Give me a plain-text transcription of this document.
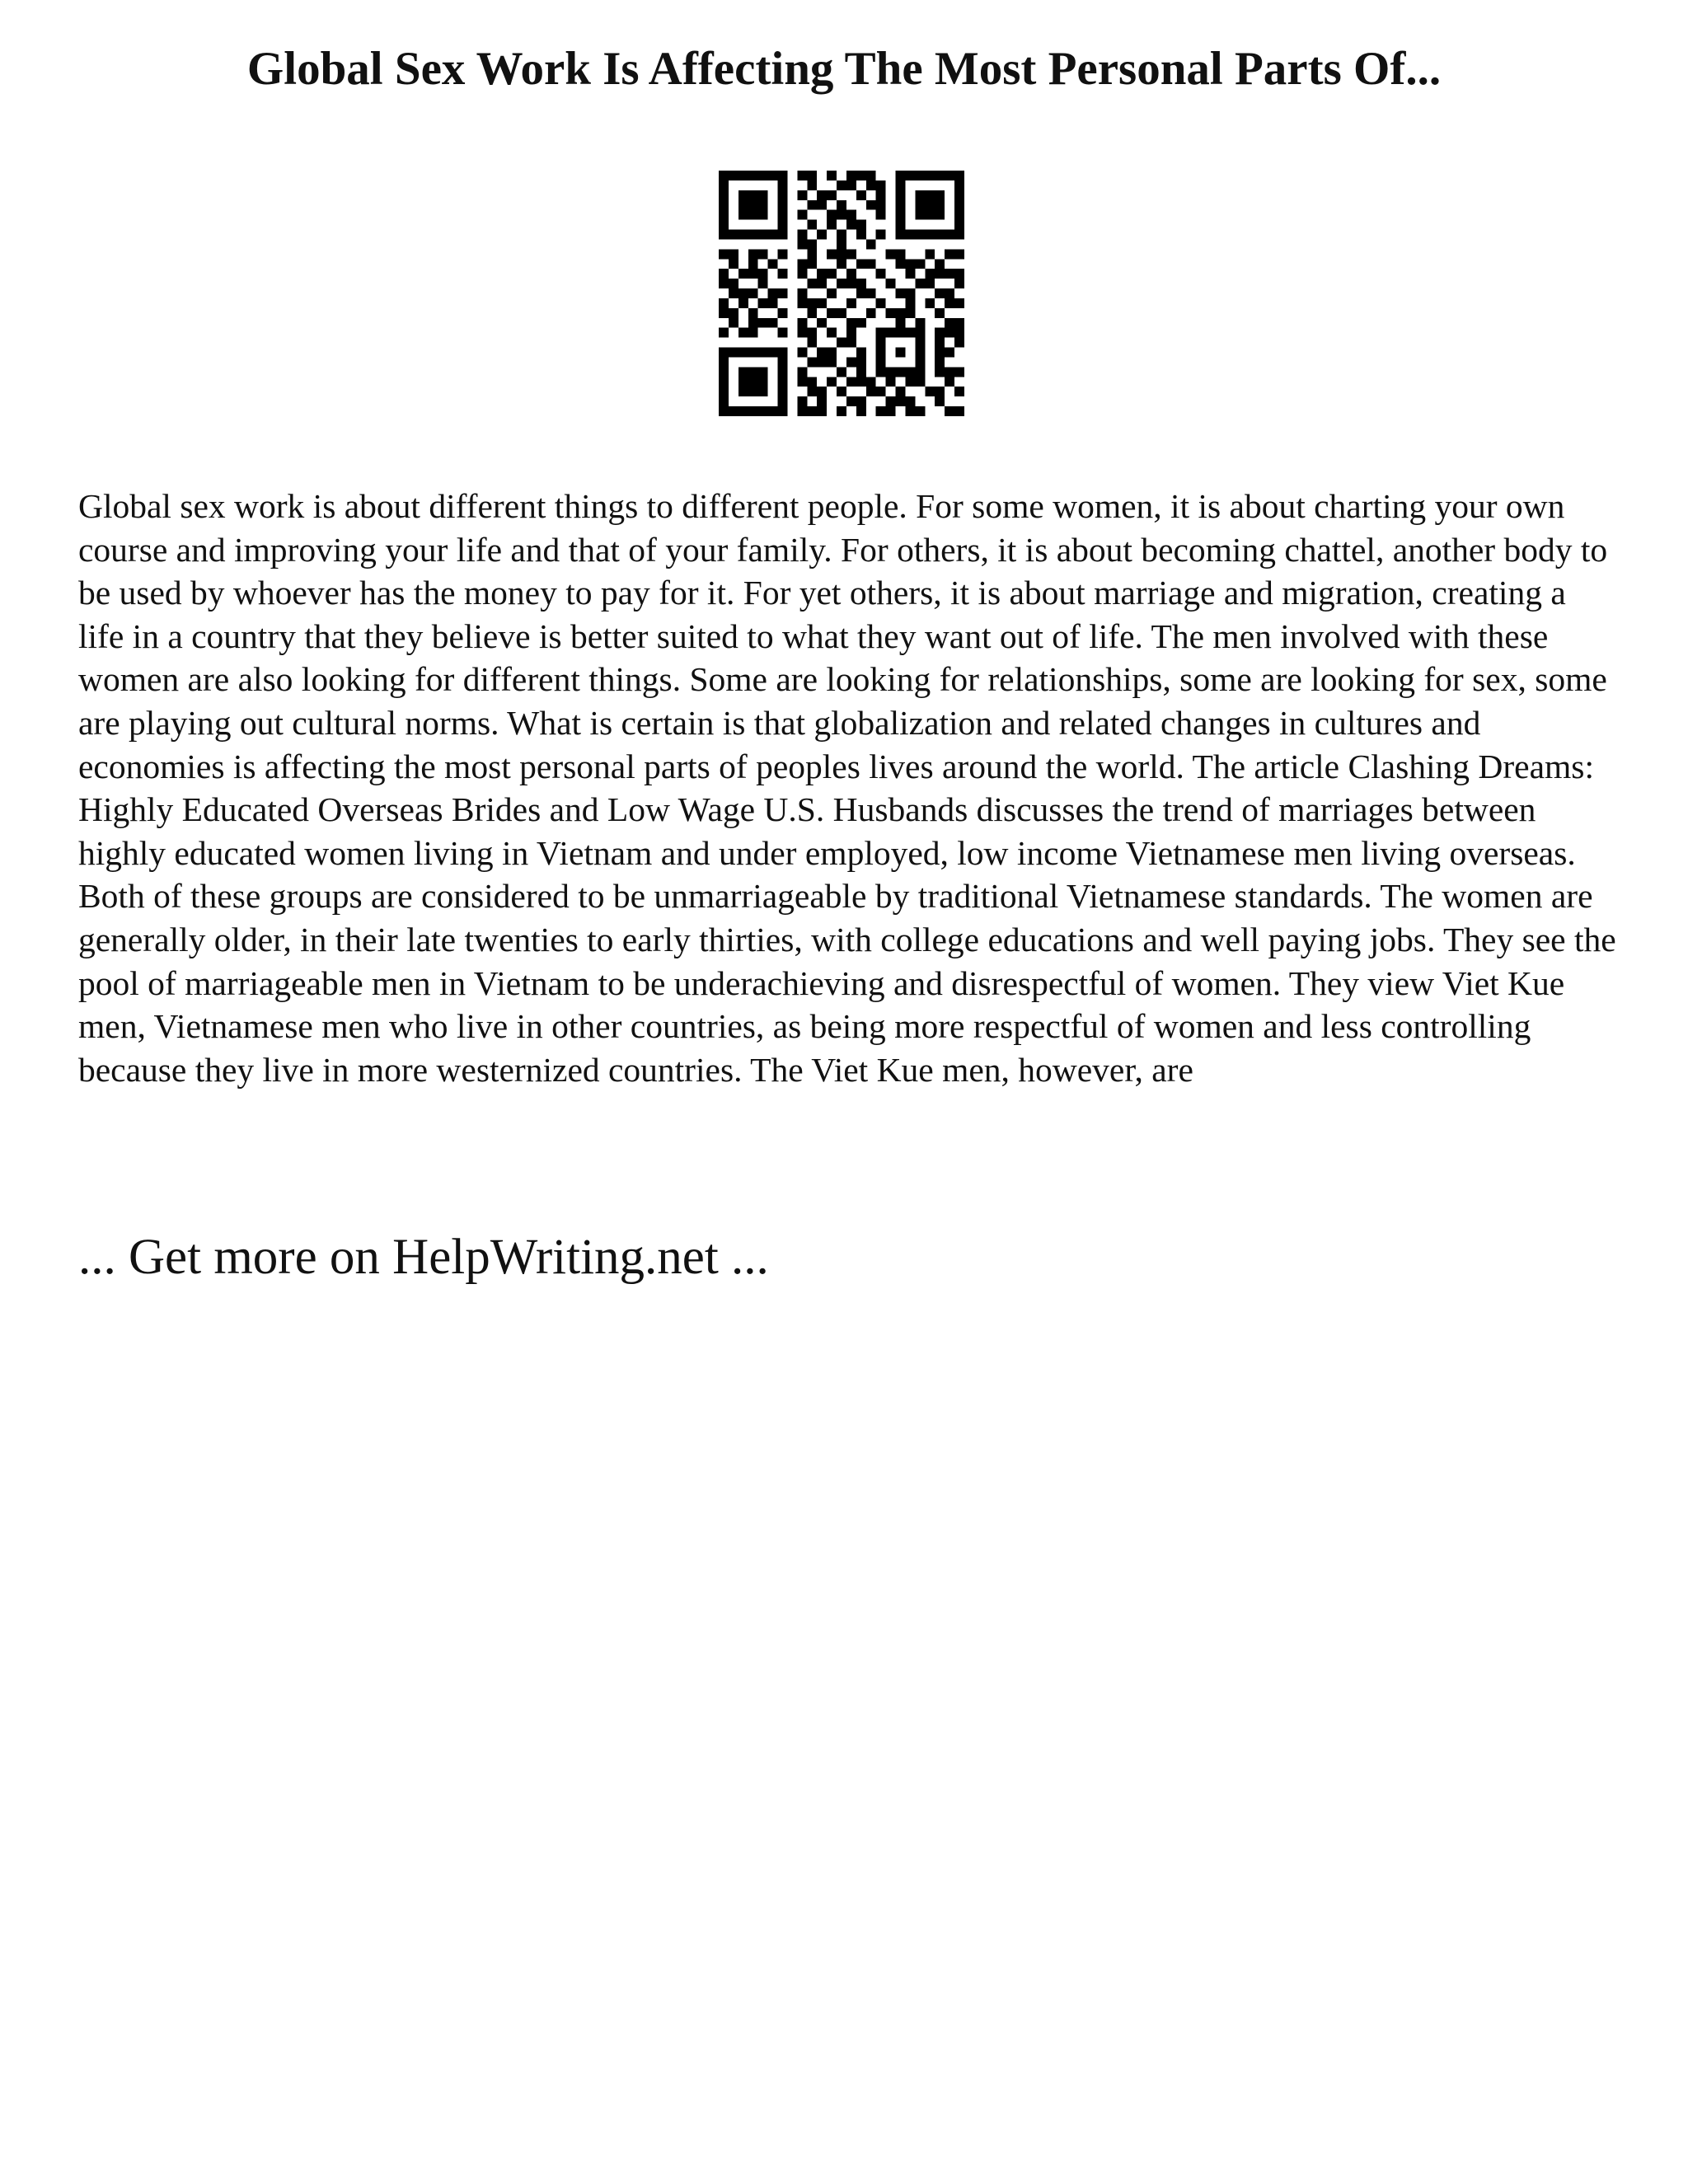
Global Sex Work Is Affecting The Most Personal Parts Of...

Global sex work is about different things to different people. For some women, it is about charting your own course and improving your life and that of your family. For others, it is about becoming chattel, another body to be used by whoever has the money to pay for it. For yet others, it is about marriage and migration, creating a life in a country that they believe is better suited to what they want out of life. The men involved with these women are also looking for different things. Some are looking for relationships, some are looking for sex, some are playing out cultural norms. What is certain is that globalization and related changes in cultures and economies is affecting the most personal parts of peoples lives around the world. The article Clashing Dreams: Highly Educated Overseas Brides and Low Wage U.S. Husbands discusses the trend of marriages between highly educated women living in Vietnam and under employed, low income Vietnamese men living overseas. Both of these groups are considered to be unmarriageable by traditional Vietnamese standards. The women are generally older, in their late twenties to early thirties, with college educations and well paying jobs. They see the pool of marriageable men in Vietnam to be underachieving and disrespectful of women. They view Viet Kue men, Vietnamese men who live in other countries, as being more respectful of women and less controlling because they live in more westernized countries. The Viet Kue men, however, are

... Get more on HelpWriting.net ...
